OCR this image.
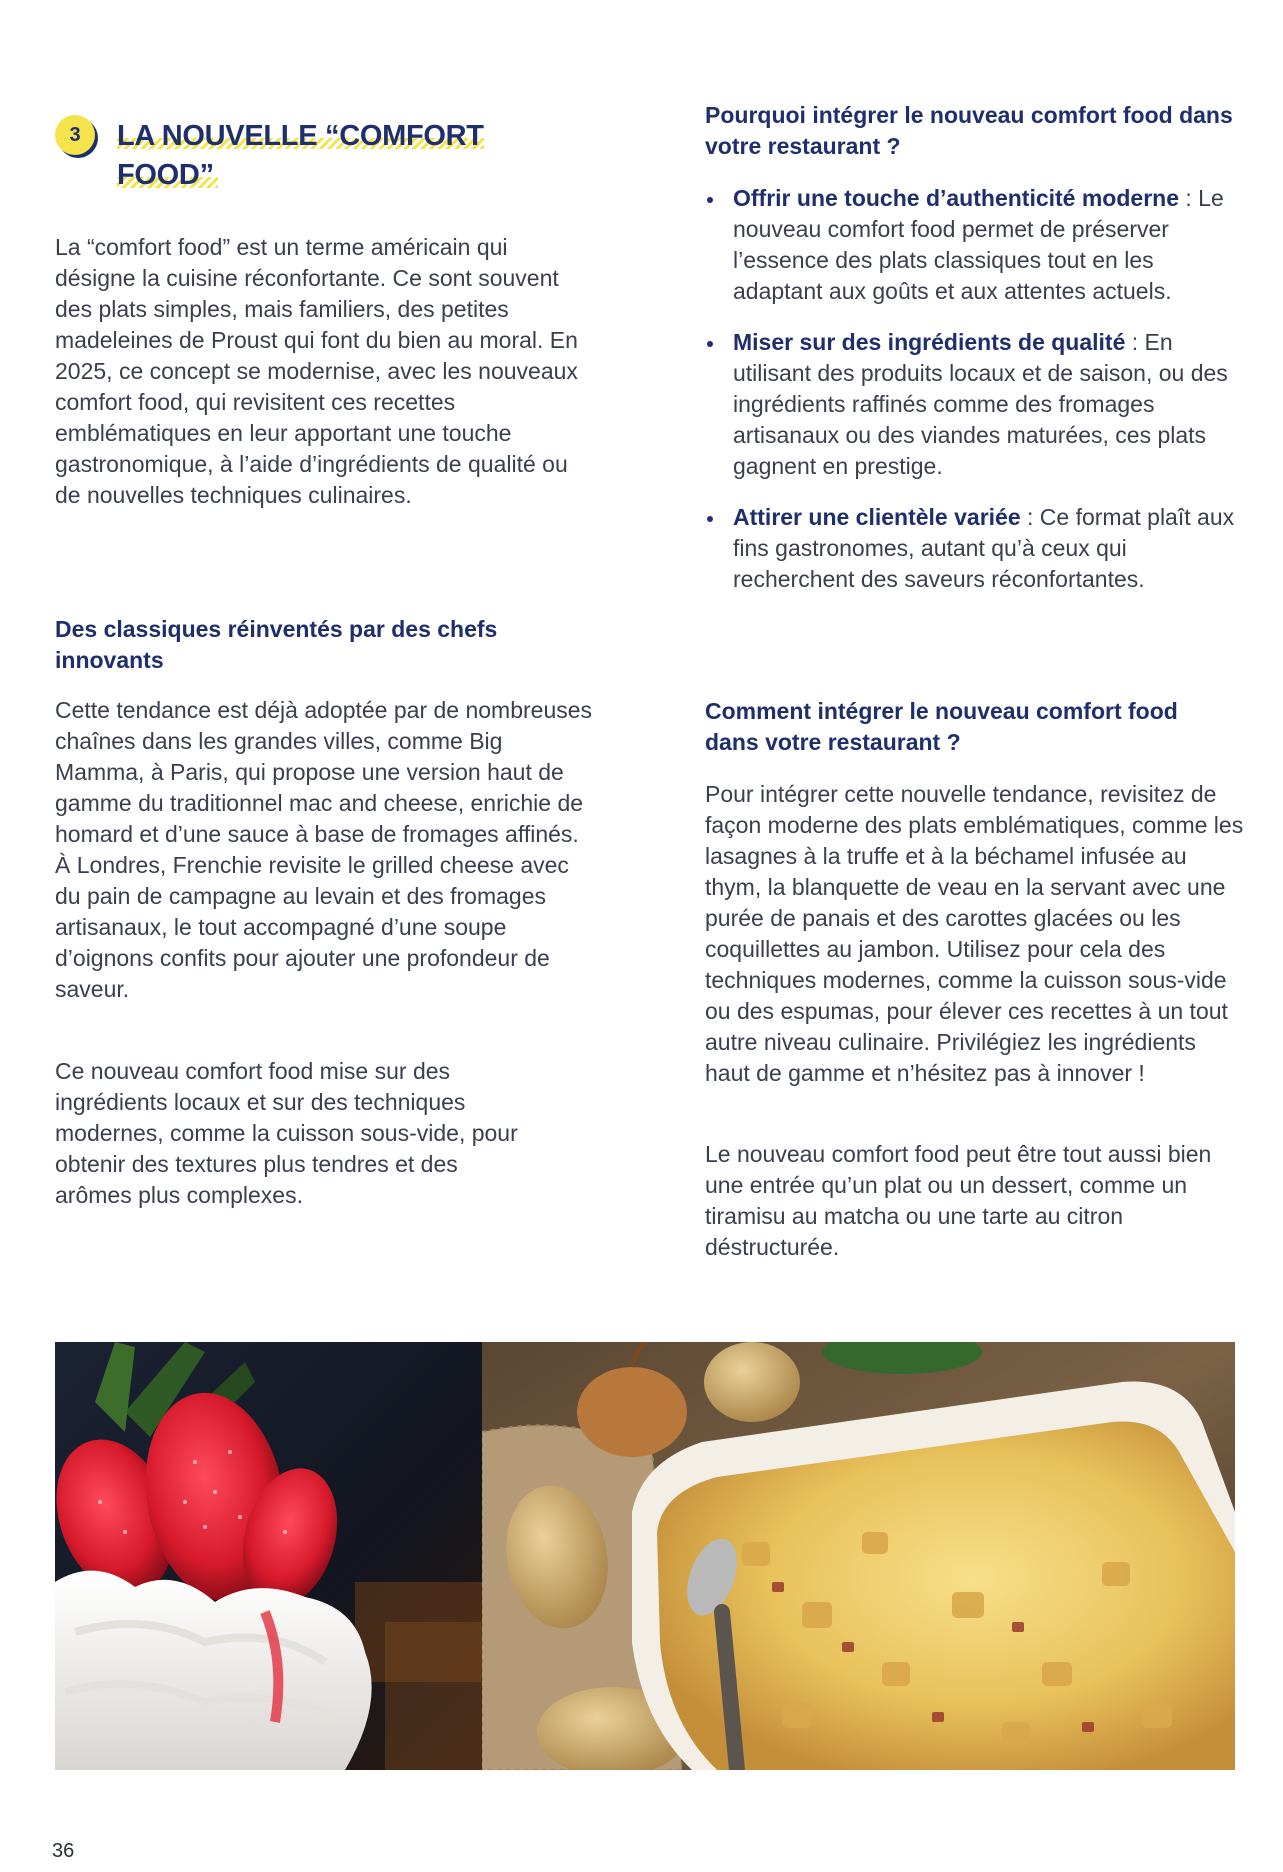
3	LA NOUVELLE “COMFORT FOOD”

La “comfort food” est un terme américain qui désigne la cuisine réconfortante. Ce sont souvent des plats simples, mais familiers, des petites madeleines de Proust qui font du bien au moral. En 2025, ce concept se modernise, avec les nouveaux comfort food, qui revisitent ces recettes emblématiques en leur apportant une touche gastronomique, à l’aide d’ingrédients de qualité ou de nouvelles techniques culinaires.

Des classiques réinventés par des chefs innovants

Cette tendance est déjà adoptée par de nombreuses chaînes dans les grandes villes, comme Big Mamma, à Paris, qui propose une version haut de gamme du traditionnel mac and cheese, enrichie de homard et d’une sauce à base de fromages affinés. À Londres, Frenchie revisite le grilled cheese avec du pain de campagne au levain et des fromages artisanaux, le tout accompagné d’une soupe d’oignons confits pour ajouter une profondeur de saveur.

Ce nouveau comfort food mise sur des ingrédients locaux et sur des techniques modernes, comme la cuisson sous-vide, pour obtenir des textures plus tendres et des arômes plus complexes.

Pourquoi intégrer le nouveau comfort food dans votre restaurant ?
Offrir une touche d’authenticité moderne : Le nouveau comfort food permet de préserver l’essence des plats classiques tout en les adaptant aux goûts et aux attentes actuels.
Miser sur des ingrédients de qualité : En utilisant des produits locaux et de saison, ou des ingrédients raffinés comme des fromages artisanaux ou des viandes maturées, ces plats gagnent en prestige.
Attirer une clientèle variée : Ce format plaît aux fins gastronomes, autant qu’à ceux qui recherchent des saveurs réconfortantes.
Comment intégrer le nouveau comfort food dans votre restaurant ?

Pour intégrer cette nouvelle tendance, revisitez de façon moderne des plats emblématiques, comme les lasagnes à la truffe et à la béchamel infusée au thym, la blanquette de veau en la servant avec une purée de panais et des carottes glacées ou les coquillettes au jambon. Utilisez pour cela des techniques modernes, comme la cuisson sous-vide ou des espumas, pour élever ces recettes à un tout autre niveau culinaire. Privilégiez les ingrédients haut de gamme et n’hésitez pas à innover !

Le nouveau comfort food peut être tout aussi bien une entrée qu’un plat ou un dessert, comme un tiramisu au matcha ou une tarte au citron déstructurée.

36
